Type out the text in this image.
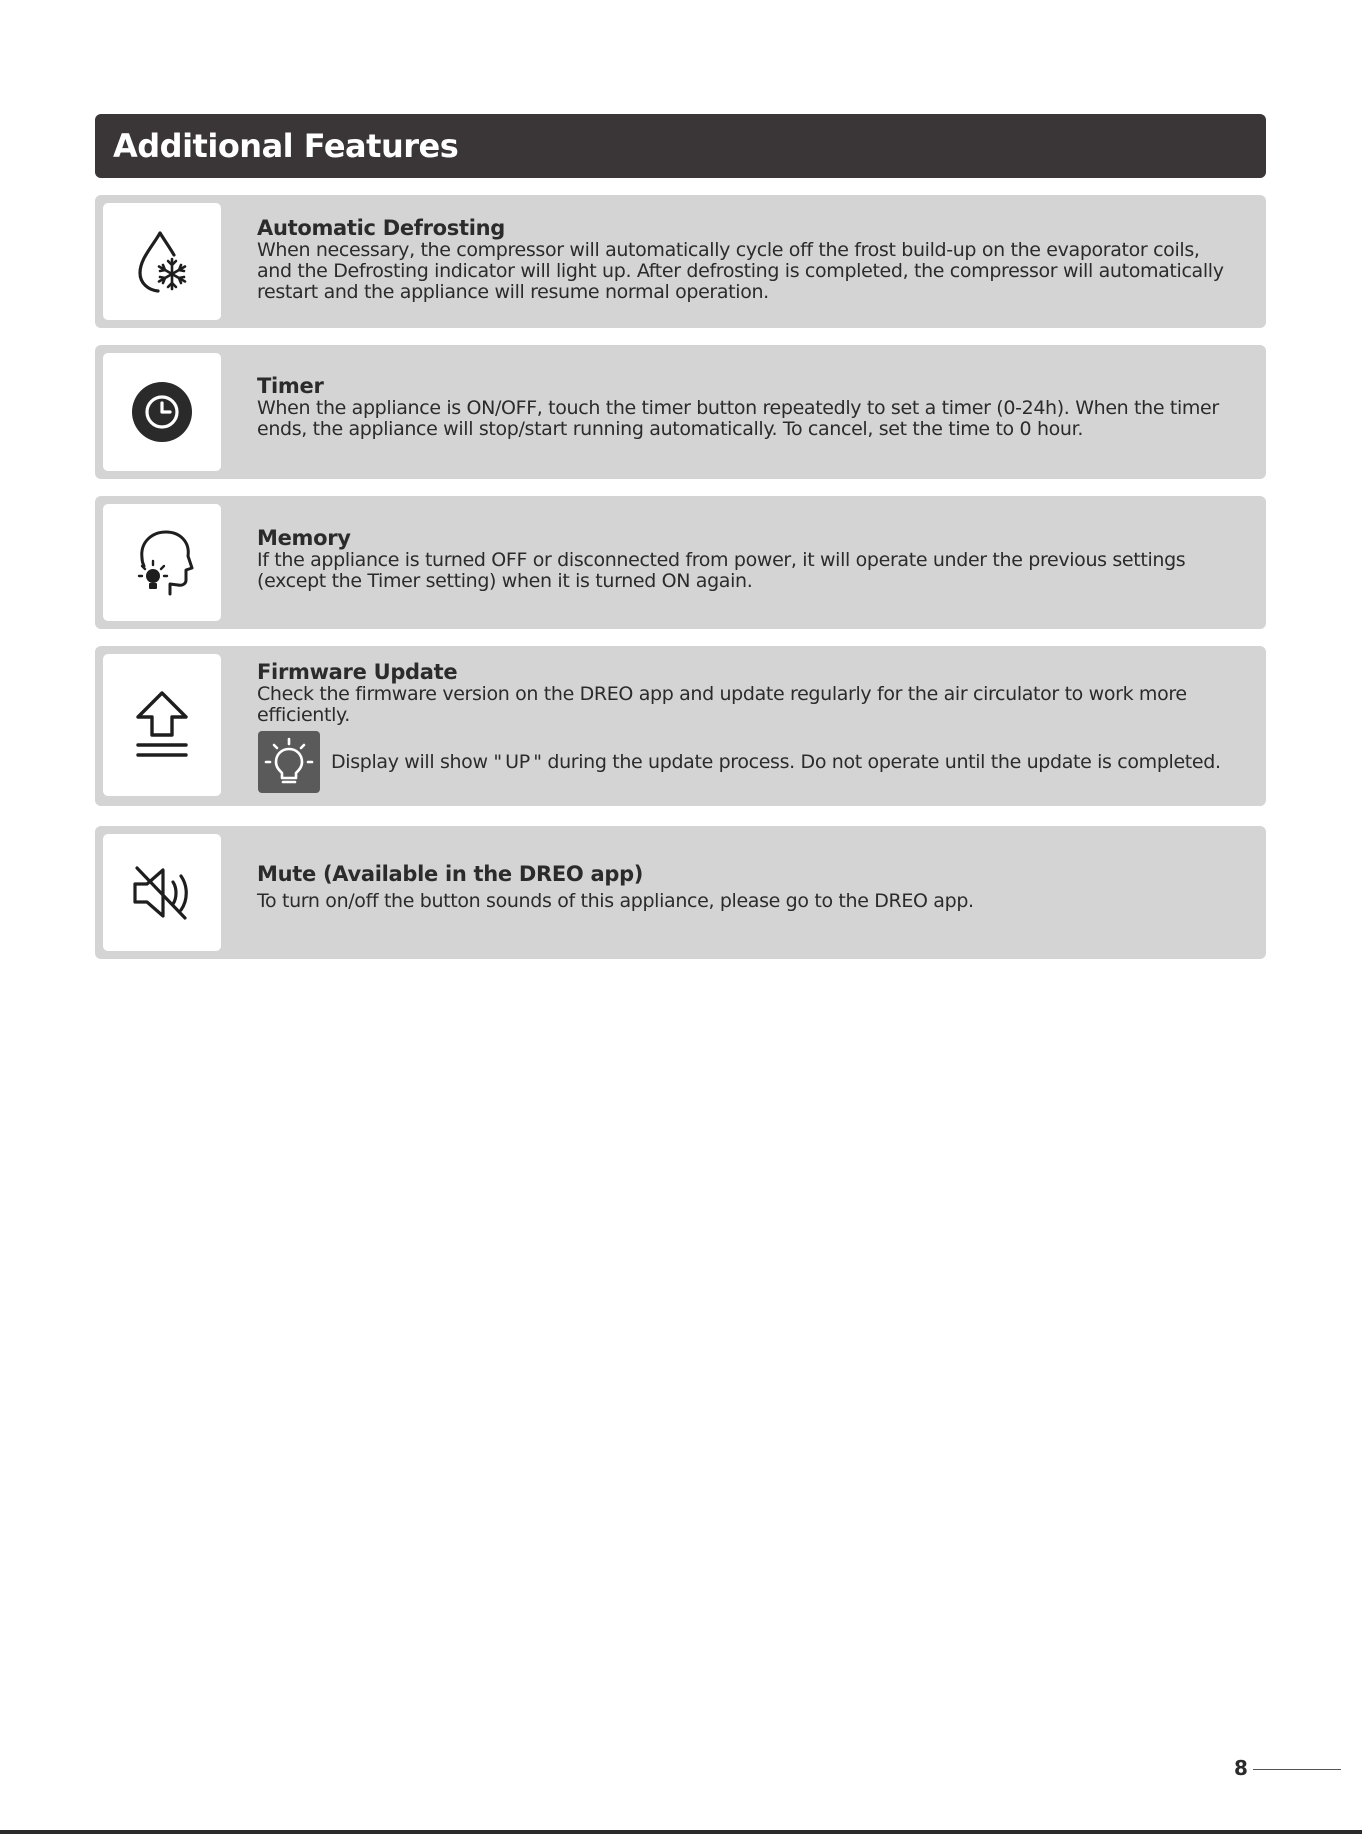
Additional Features
Automatic Defrosting
When necessary, the compressor will automatically cycle off the frost build-up on the evaporator coils, and the Defrosting indicator will light up. After defrosting is completed, the compressor will automatically restart and the appliance will resume normal operation.
Timer
When the appliance is ON/OFF, touch the timer button repeatedly to set a timer (0-24h). When the timer ends, the appliance will stop/start running automatically. To cancel, set the time to 0 hour.
Memory
If the appliance is turned OFF or disconnected from power, it will operate under the previous settings (except the Timer setting) when it is turned ON again.
Firmware Update
Check the firmware version on the DREO app and update regularly for the air circulator to work more efficiently.
Display will show " UP " during the update process. Do not operate until the update is completed.
Mute (Available in the DREO app)
To turn on/off the button sounds of this appliance, please go to the DREO app.
8
